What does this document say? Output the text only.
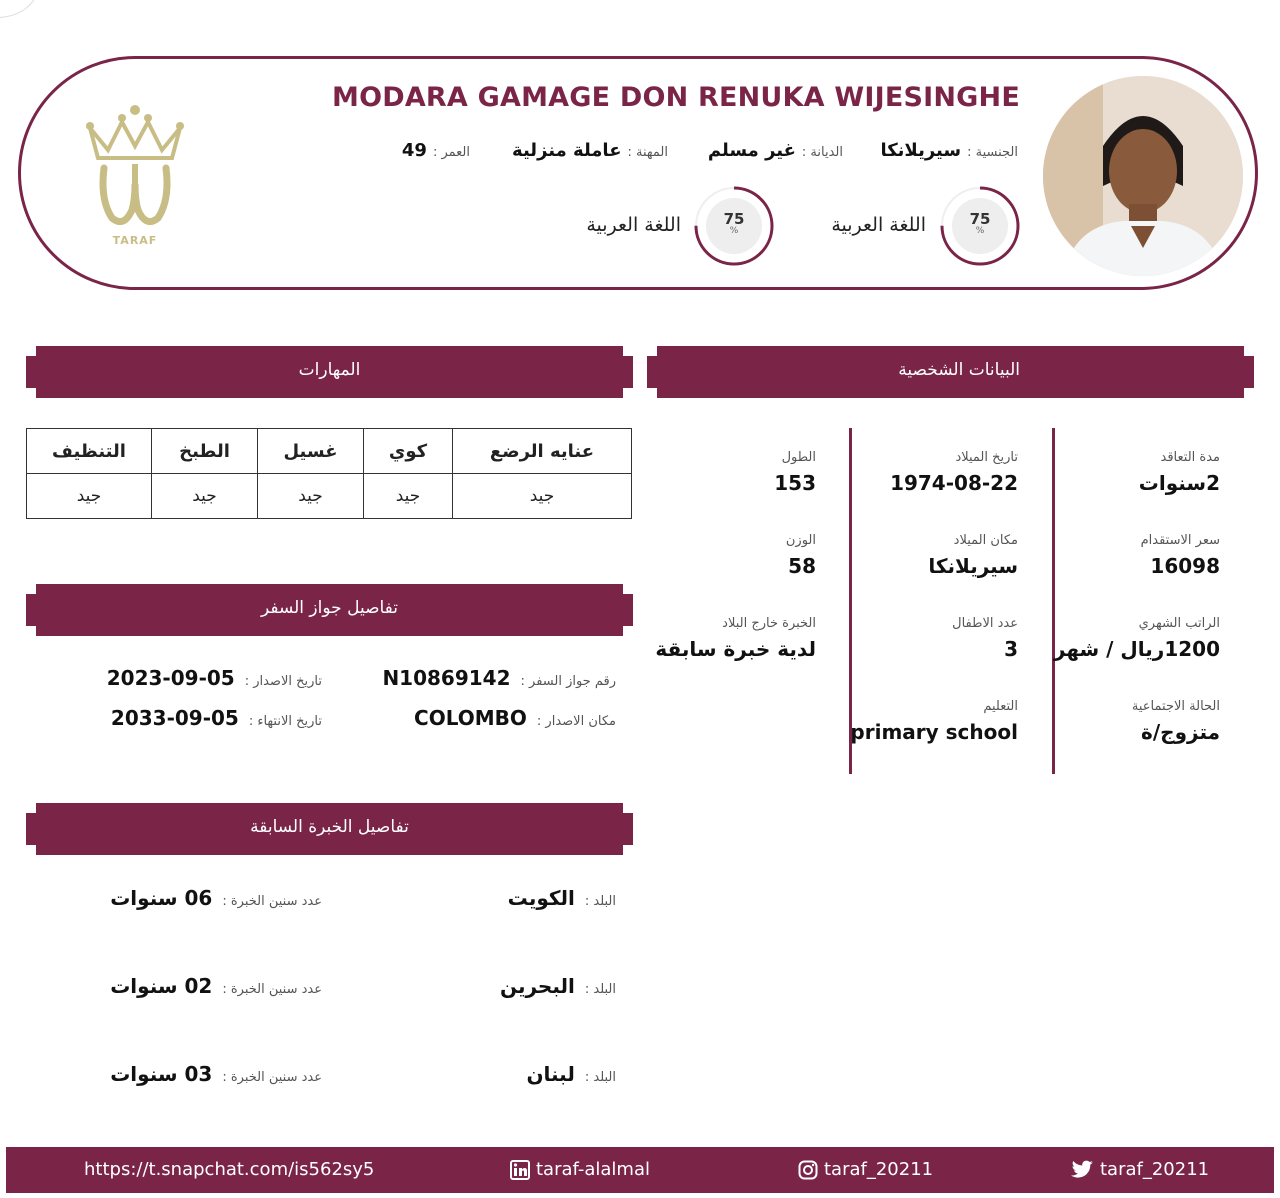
MODARA GAMAGE DON RENUKA WIJESINGHE
الجنسية :
سيريلانكا
الديانة :
غير مسلم
المهنة :
عاملة منزلية
العمر :
49
75
%
اللغة العربية
75
%
اللغة العربية
TARAF
البيانات الشخصية
مدة التعاقد
2سنوات
سعر الاستقدام
16098
الراتب الشهري
1200ريال / شهر
الحالة الاجتماعية
متزوج/ة
تاريخ الميلاد
1974-08-22
مكان الميلاد
سيريلانكا
عدد الاطفال
3
التعليم
primary school
الطول
153
الوزن
58
الخبرة خارج البلاد
لدية خبرة سابقة
المهارات
عنايه الرضع	كوي	غسيل	الطبخ	التنظيف
جيد	جيد	جيد	جيد	جيد
تفاصيل جواز السفر
رقم جواز السفر :
N10869142
تاريخ الاصدار :
2023-09-05
مكان الاصدار :
COLOMBO
تاريخ الانتهاء :
2033-09-05
تفاصيل الخبرة السابقة
البلد :
الكويت
عدد سنين الخبرة :
06 سنوات
البلد :
البحرين
عدد سنين الخبرة :
02 سنوات
البلد :
لبنان
عدد سنين الخبرة :
03 سنوات
https://t.snapchat.com/is562sy5	taraf-alalmal	taraf_20211	taraf_20211
